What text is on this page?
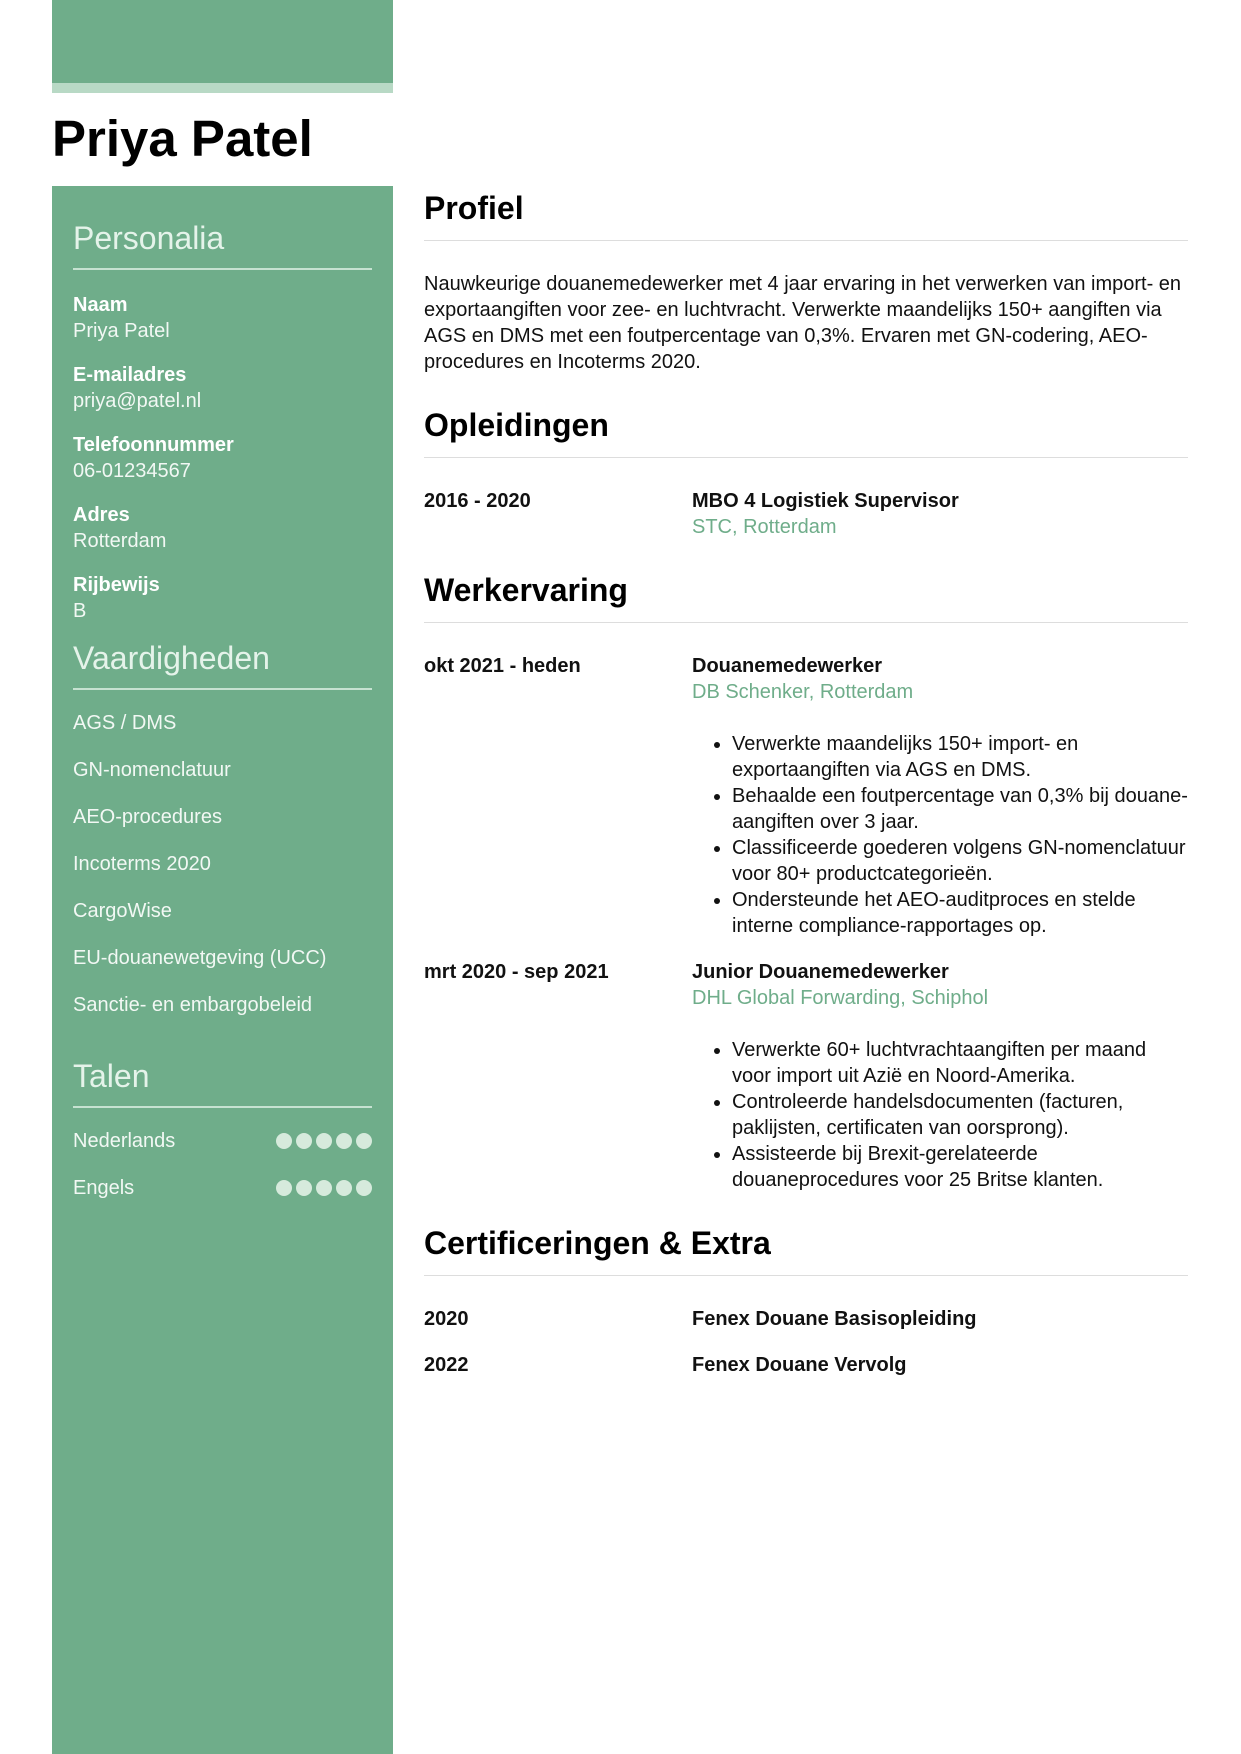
Priya Patel
Personalia
Naam
Priya Patel
E-mailadres
priya@patel.nl
Telefoonnummer
06-01234567
Adres
Rotterdam
Rijbewijs
B
Vaardigheden
AGS / DMS
GN-nomenclatuur
AEO-procedures
Incoterms 2020
CargoWise
EU-douanewetgeving (UCC)
Sanctie- en embargobeleid
Talen
Nederlands
Engels
Profiel

Nauwkeurige douanemedewerker met 4 jaar ervaring in het verwerken van import- en exportaangiften voor zee- en luchtvracht. Verwerkte maandelijks 150+ aangiften via AGS en DMS met een foutpercentage van 0,3%. Ervaren met GN-codering, AEO-procedures en Incoterms 2020.

Opleidingen
2016 - 2020	MBO 4 Logistiek Supervisor
STC, Rotterdam
Werkervaring
okt 2021 - heden	Douanemedewerker
DB Schenker, Rotterdam
• Verwerkte maandelijks 150+ import- en exportaangiften via AGS en DMS.
• Behaalde een foutpercentage van 0,3% bij douane-aangiften over 3 jaar.
• Classificeerde goederen volgens GN-nomenclatuur voor 80+ productcategorieën.
• Ondersteunde het AEO-auditproces en stelde interne compliance-rapportages op.
mrt 2020 - sep 2021	Junior Douanemedewerker
DHL Global Forwarding, Schiphol
• Verwerkte 60+ luchtvrachtaangiften per maand voor import uit Azië en Noord-Amerika.
• Controleerde handelsdocumenten (facturen, paklijsten, certificaten van oorsprong).
• Assisteerde bij Brexit-gerelateerde douaneprocedures voor 25 Britse klanten.
Certificeringen & Extra
2020	Fenex Douane Basisopleiding
2022	Fenex Douane Vervolg
